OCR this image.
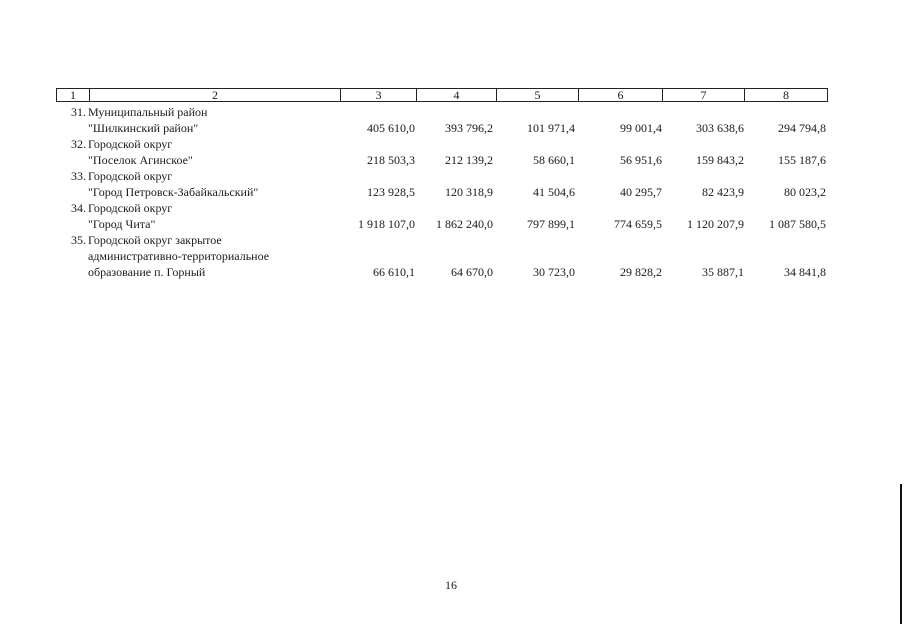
1	2	3	4	5	6	7	8
31. Муниципальный район
"Шилкинский район"	405 610,0	393 796,2	101 971,4	99 001,4	303 638,6	294 794,8
32. Городской округ
"Поселок Агинское"	218 503,3	212 139,2	58 660,1	56 951,6	159 843,2	155 187,6
33. Городской округ
"Город Петровск-Забайкальский"	123 928,5	120 318,9	41 504,6	40 295,7	82 423,9	80 023,2
34. Городской округ
"Город Чита"	1 918 107,0	1 862 240,0	797 899,1	774 659,5	1 120 207,9	1 087 580,5
35. Городской округ закрытое
административно-территориальное
образование п. Горный	66 610,1	64 670,0	30 723,0	29 828,2	35 887,1	34 841,8
16
